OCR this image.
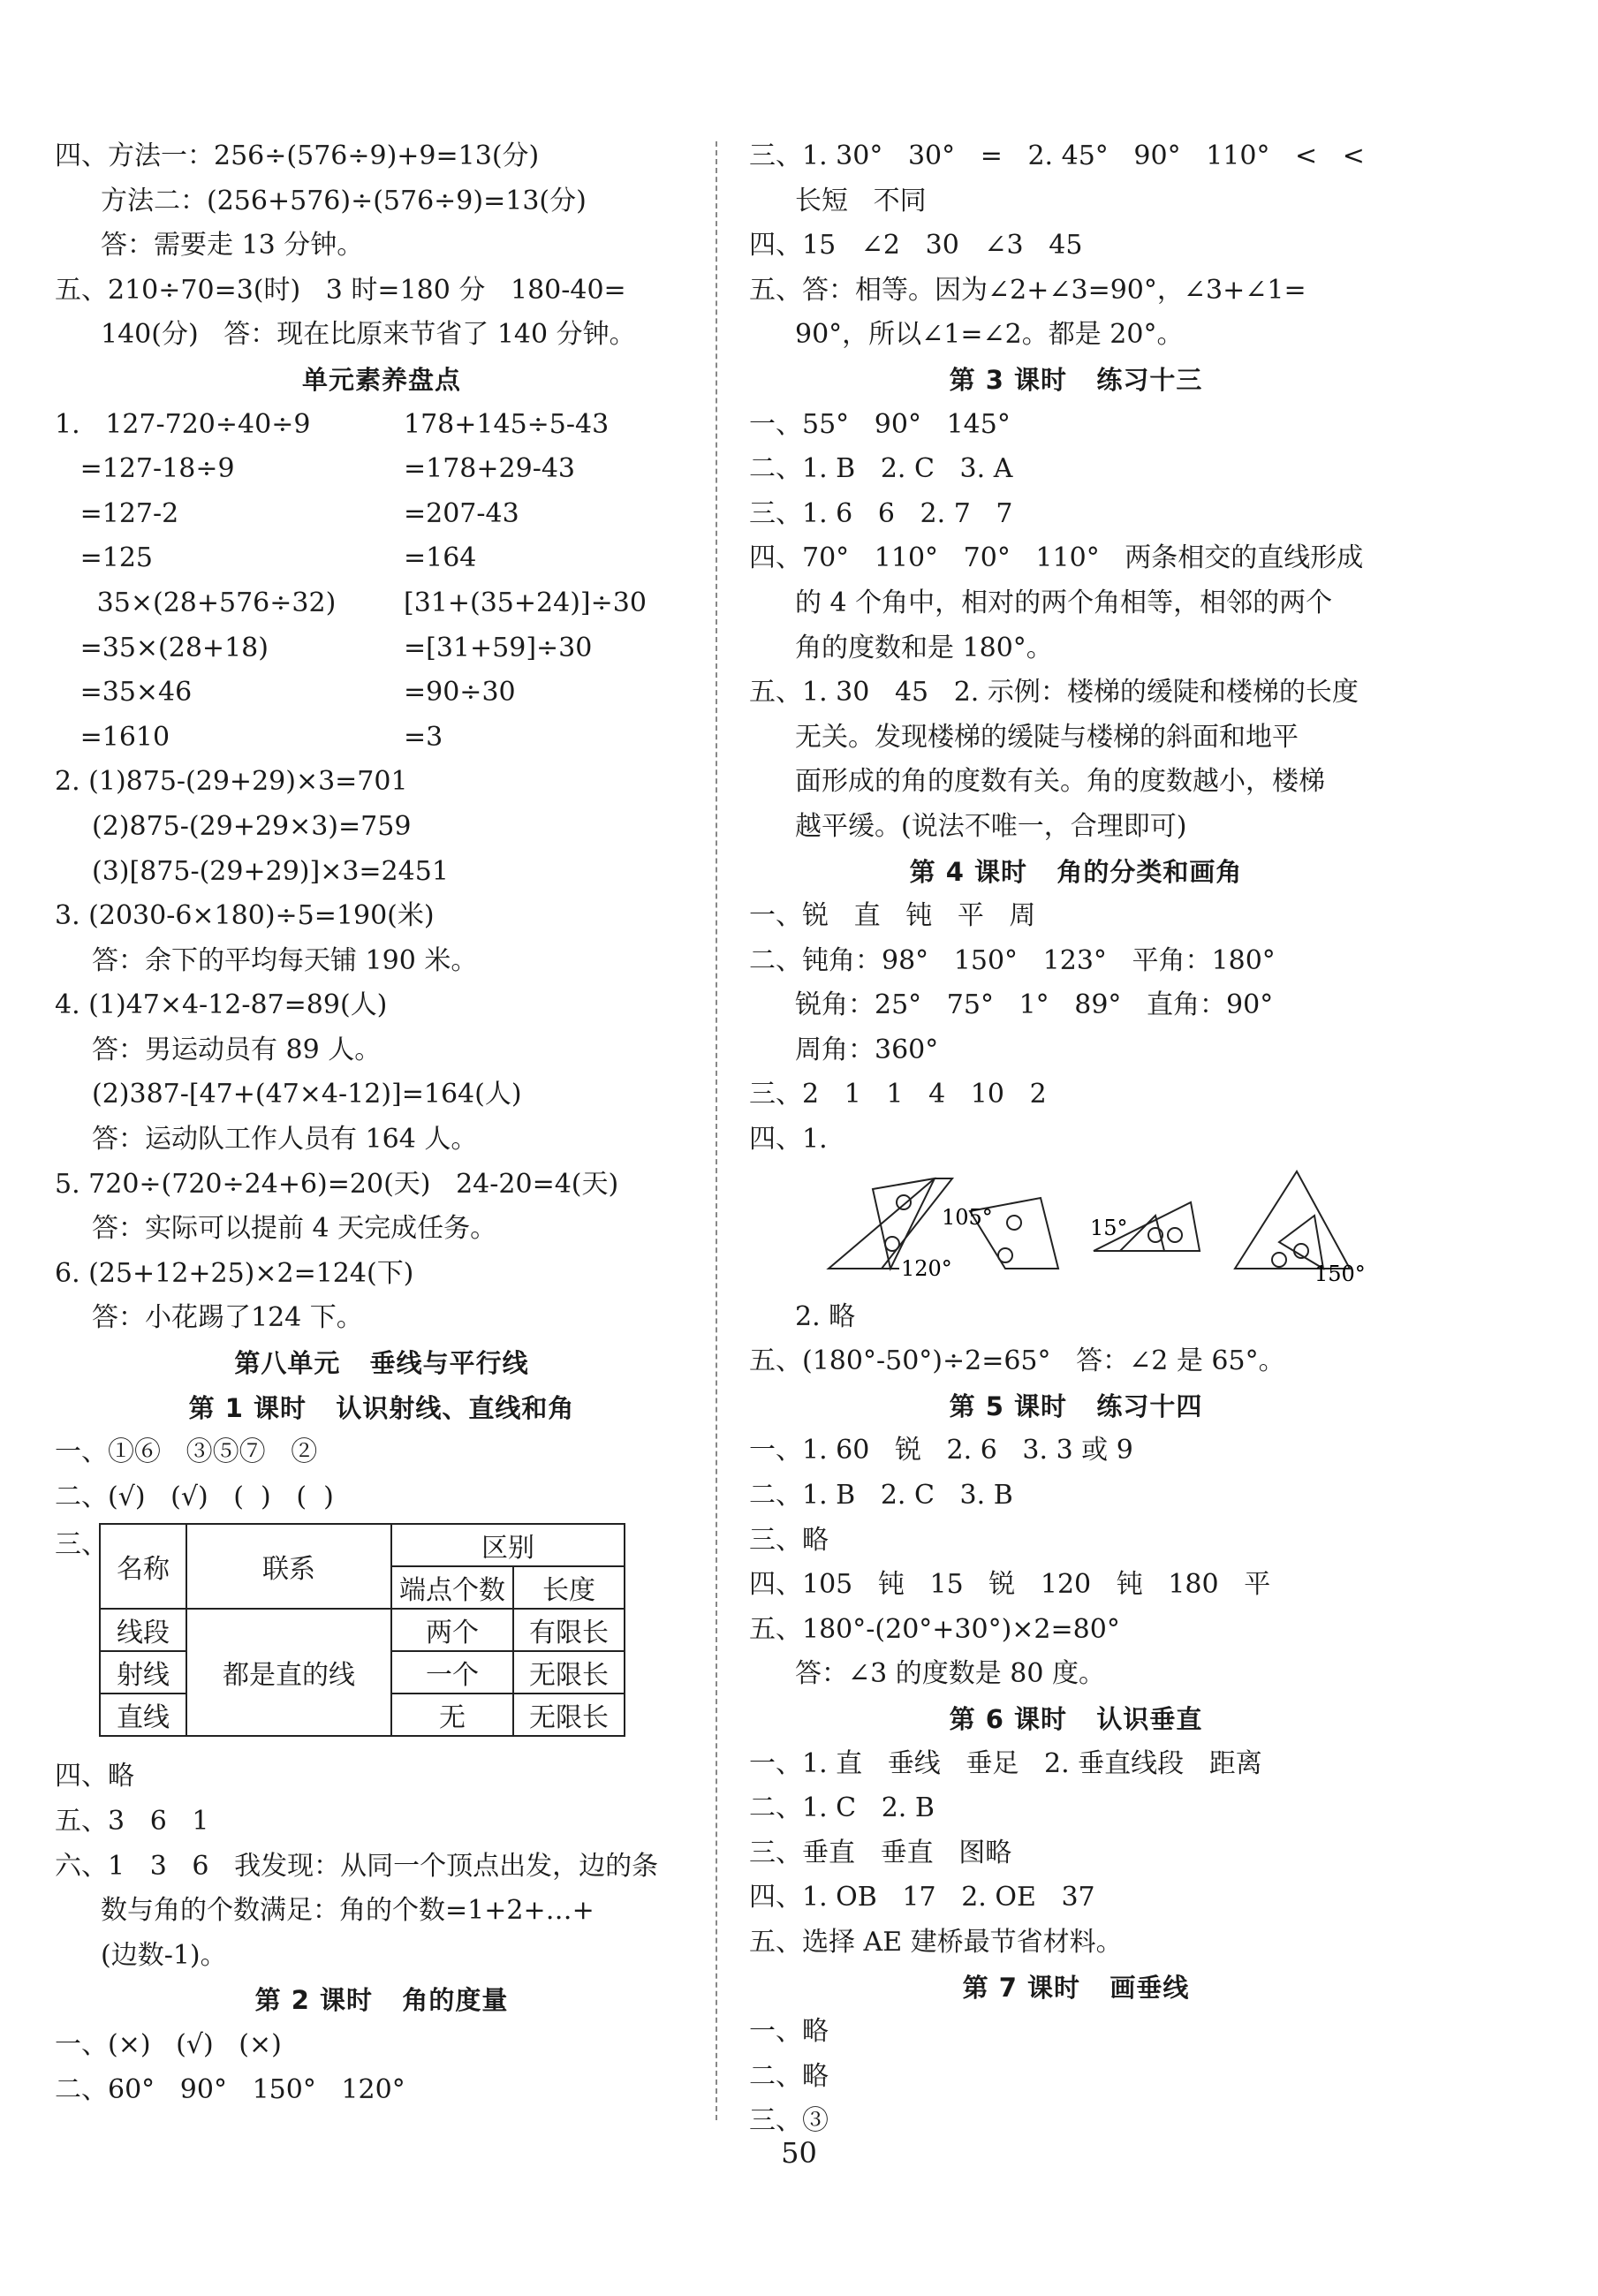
四、方法一：256÷(576÷9)+9=13(分)
方法二：(256+576)÷(576÷9)=13(分)
答：需要走 13 分钟。
五、210÷70=3(时)   3 时=180 分   180-40=
140(分)   答：现在比原来节省了 140 分钟。
单元素养盘点
1.   127-720÷40÷9	178+145÷5-43
=127-18÷9	=178+29-43
=127-2	=207-43
=125	=164
35×(28+576÷32)	[31+(35+24)]÷30
=35×(28+18)	=[31+59]÷30
=35×46	=90÷30
=1610	=3
2. (1)875-(29+29)×3=701
(2)875-(29+29×3)=759
(3)[875-(29+29)]×3=2451
3. (2030-6×180)÷5=190(米)
答：余下的平均每天铺 190 米。
4. (1)47×4-12-87=89(人)
答：男运动员有 89 人。
(2)387-[47+(47×4-12)]=164(人)
答：运动队工作人员有 164 人。
5. 720÷(720÷24+6)=20(天)   24-20=4(天)
答：实际可以提前 4 天完成任务。
6. (25+12+25)×2=124(下)
答：小花踢了124 下。
第八单元   垂线与平行线
第 1 课时   认识射线、直线和角
一、①⑥   ③⑤⑦   ②
二、(√)   (√)   (  )   (  )
三、
名称	联系	区别	
		端点个数	长度
线段	都是直的线	两个	有限长
射线		一个	无限长
直线		无	无限长
四、略
五、3   6   1
六、1   3   6   我发现：从同一个顶点出发，边的条
数与角的个数满足：角的个数=1+2+…+
(边数-1)。
第 2 课时   角的度量
一、(×)   (√)   (×)
二、60°   90°   150°   120°
三、1. 30°   30°   =   2. 45°   90°   110°   <   <
长短   不同
四、15   ∠2   30   ∠3   45
五、答：相等。因为∠2+∠3=90°，∠3+∠1=
90°，所以∠1=∠2。都是 20°。
第 3 课时   练习十三
一、55°   90°   145°
二、1. B   2. C   3. A
三、1. 6   6   2. 7   7
四、70°   110°   70°   110°   两条相交的直线形成
的 4 个角中，相对的两个角相等，相邻的两个
角的度数和是 180°。
五、1. 30   45   2. 示例：楼梯的缓陡和楼梯的长度
无关。发现楼梯的缓陡与楼梯的斜面和地平
面形成的角的度数有关。角的度数越小，楼梯
越平缓。(说法不唯一，合理即可)
第 4 课时   角的分类和画角
一、锐   直   钝   平   周
二、钝角：98°   150°   123°   平角：180°
锐角：25°   75°   1°   89°   直角：90°
周角：360°
三、2   1   1   4   10   2
四、1.
105°
120°
15°
150°
2. 略
五、(180°-50°)÷2=65°   答：∠2 是 65°。
第 5 课时   练习十四
一、1. 60   锐   2. 6   3. 3 或 9
二、1. B   2. C   3. B
三、略
四、105   钝   15   锐   120   钝   180   平
五、180°-(20°+30°)×2=80°
答：∠3 的度数是 80 度。
第 6 课时   认识垂直
一、1. 直   垂线   垂足   2. 垂直线段   距离
二、1. C   2. B
三、垂直   垂直   图略
四、1. OB   17   2. OE   37
五、选择 AE 建桥最节省材料。
第 7 课时   画垂线
一、略
二、略
三、③
50
